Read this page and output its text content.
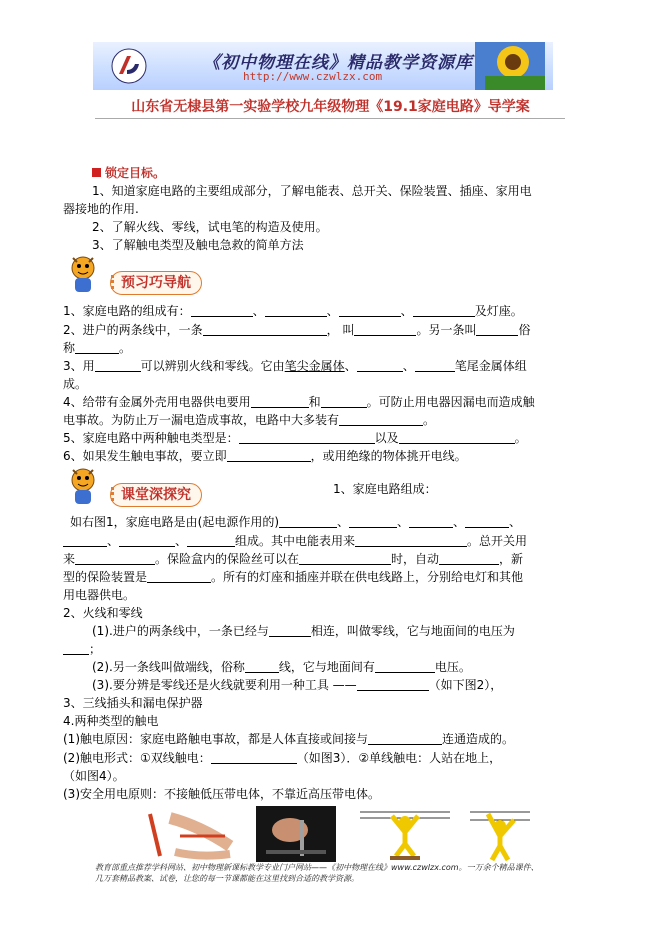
《初中物理在线》精品教学资源库
http://www.czwlzx.com
山东省无棣县第一实验学校九年级物理《19.1家庭电路》导学案
锁定目标。
1、知道家庭电路的主要组成部分，了解电能表、总开关、保险装置、插座、家用电
器接地的作用.
2、了解火线、零线，试电笔的构造及使用。
3、了解触电类型及触电急救的简单方法
预习巧导航
1、家庭电路的组成有：	、	、	、	及灯座。
2、进户的两条线中，一条	， 叫	。另一条叫	俗
称	。
3、用	可以辨别火线和零线。它由笔尖金属体、	、	笔尾金属体组
成。
4、给带有金属外壳用电器供电要用	和	。可防止用电器因漏电而造成触
电事故。为防止万一漏电造成事故，电路中大多装有	。
5、家庭电路中两种触电类型是：	以及	。
6、如果发生触电事故，要立即	，或用绝缘的物体挑开电线。
课堂深探究	1、家庭电路组成：
如右图1，家庭电路是由(起电源作用的)	、	、	、	、
、	、	组成。其中电能表用来	。总开关用
来	。保险盒内的保险丝可以在	时，自动	，新
型的保险装置是	。所有的灯座和插座并联在供电线路上，分别给电灯和其他
用电器供电。
2、火线和零线
(1).进户的两条线中，一条已经与	相连，叫做零线，它与地面间的电压为
；
(2).另一条线叫做端线，俗称	线，它与地面间有	电压。
(3).要分辨是零线还是火线就要利用一种工具 ——	（如下图2），
3、三线插头和漏电保护器
4.两种类型的触电
(1)触电原因：家庭电路触电事故，都是人体直接或间接与	连通造成的。
(2)触电形式：①双线触电：	（如图3）．②单线触电：人站在地上，
（如图4）。
(3)安全用电原则：不接触低压带电体，不靠近高压带电体。
教育部重点推荐学科网站、初中物理新课标教学专业门户网站——《初中物理在线》www.czwlzx.com。一万余个精品课件、
几万套精品教案、试卷，让您的每一节课都能在这里找到合适的教学资源。
